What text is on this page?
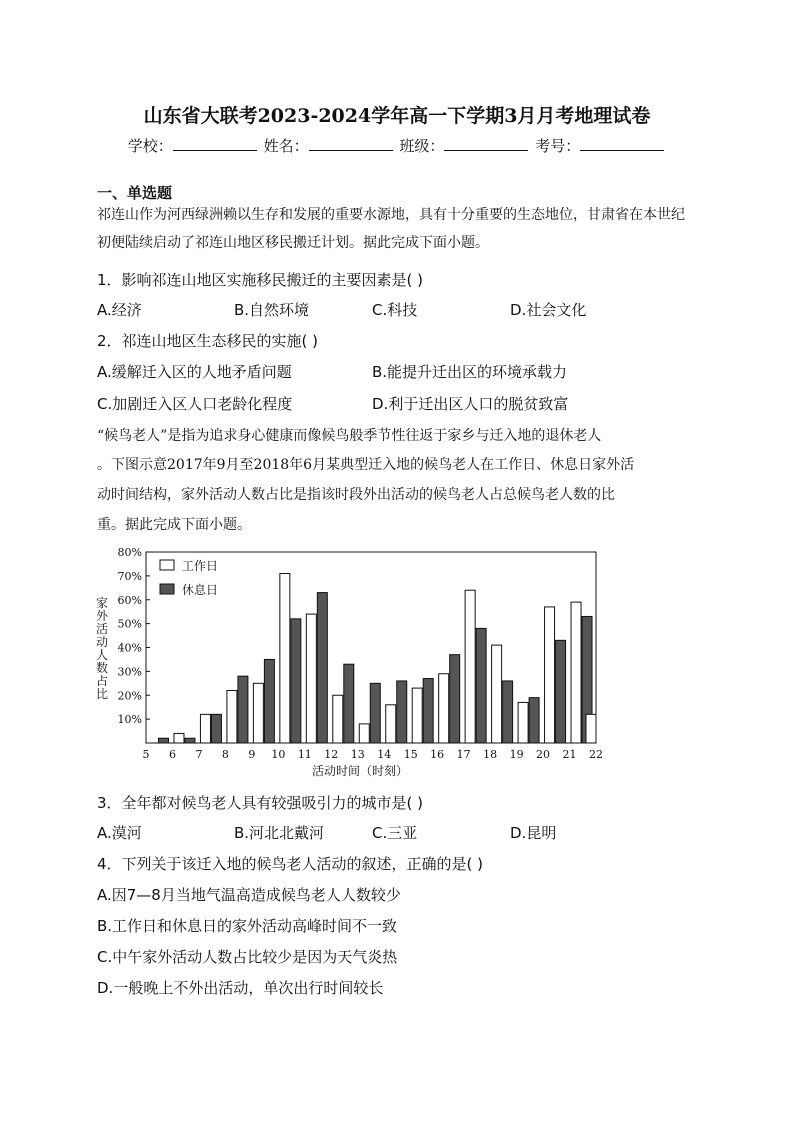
山东省大联考2023-2024学年高一下学期3月月考地理试卷
学校：	姓名：	班级：	考号：
一、单选题
祁连山作为河西绿洲赖以生存和发展的重要水源地，具有十分重要的生态地位，甘肃省在本世纪初便陆续启动了祁连山地区移民搬迁计划。据此完成下面小题。
1．影响祁连山地区实施移民搬迁的主要因素是( )
A.经济	B.自然环境	C.科技	D.社会文化
2．祁连山地区生态移民的实施( )
A.缓解迁入区的人地矛盾问题	B.能提升迁出区的环境承载力
C.加剧迁入区人口老龄化程度	D.利于迁出区人口的脱贫致富
“候鸟老人”是指为追求身心健康而像候鸟般季节性往返于家乡与迁入地的退休老人
。下图示意2017年9月至2018年6月某典型迁入地的候鸟老人在工作日、休息日家外活
动时间结构，家外活动人数占比是指该时段外出活动的候鸟老人占总候鸟老人数的比
重。据此完成下面小题。
10%
20%
30%
40%
50%
60%
70%
80%
家
外
活
动
人
数
占
比
5 6 7 8 9 10 11 12 13 14 15 16 17 18 19 20 21 22
活动时间（时刻）
工作日
休息日
3．全年都对候鸟老人具有较强吸引力的城市是( )
A.漠河	B.河北北戴河	C.三亚	D.昆明
4．下列关于该迁入地的候鸟老人活动的叙述，正确的是( )
A.因7—8月当地气温高造成候鸟老人人数较少
B.工作日和休息日的家外活动高峰时间不一致
C.中午家外活动人数占比较少是因为天气炎热
D.一般晚上不外出活动，单次出行时间较长
